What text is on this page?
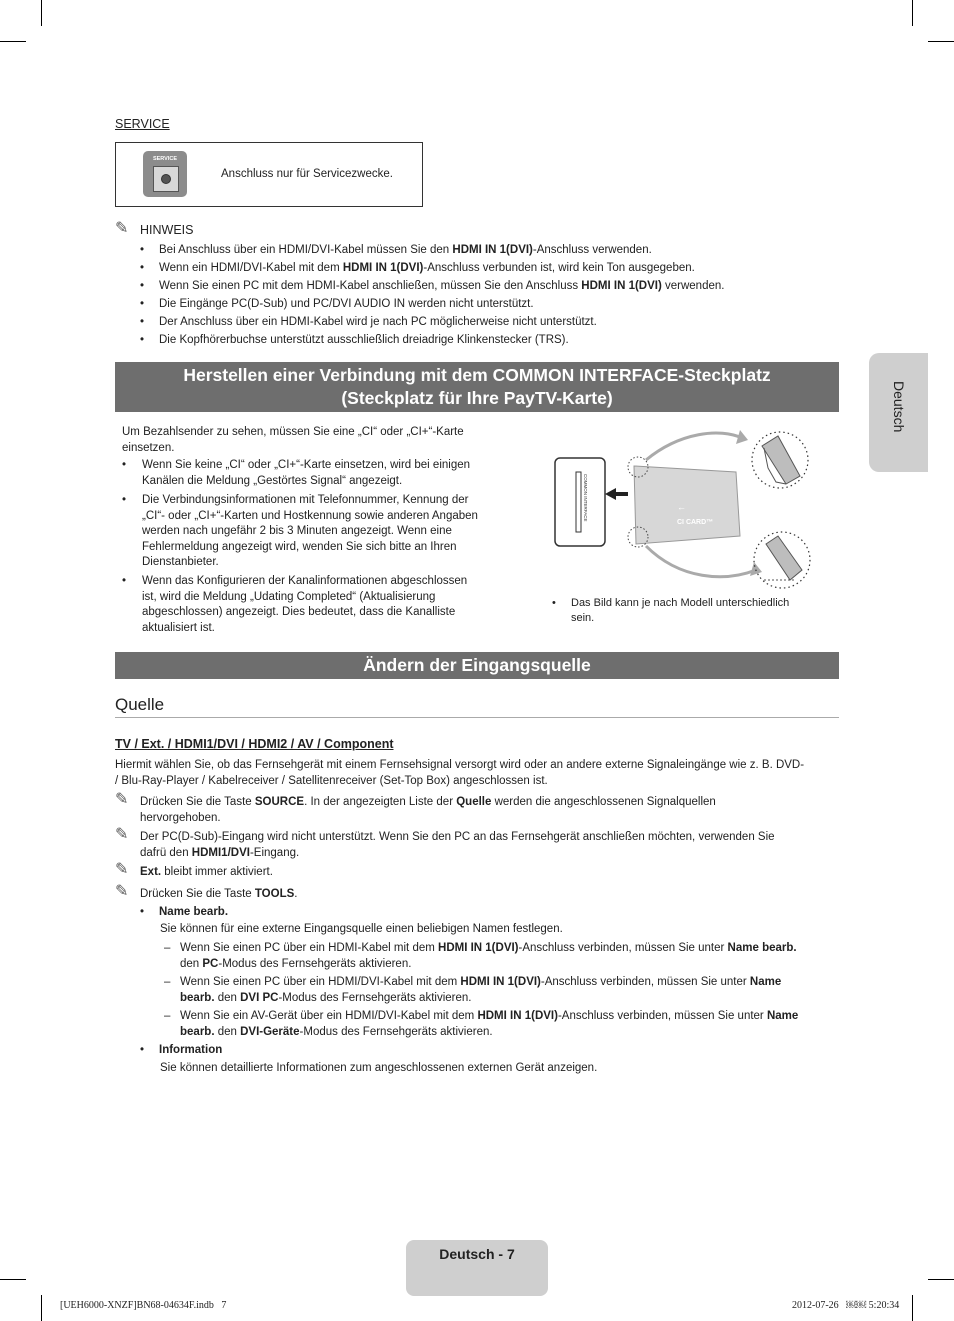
SERVICE
SERVICE
Anschluss nur für Servicezwecke.
✎ HINWEIS
• Bei Anschluss über ein HDMI/DVI-Kabel müssen Sie den HDMI IN 1(DVI)-Anschluss verwenden.
• Wenn ein HDMI/DVI-Kabel mit dem HDMI IN 1(DVI)-Anschluss verbunden ist, wird kein Ton ausgegeben.
• Wenn Sie einen PC mit dem HDMI-Kabel anschließen, müssen Sie den Anschluss HDMI IN 1(DVI) verwenden.
• Die Eingänge PC(D-Sub) und PC/DVI AUDIO IN werden nicht unterstützt.
• Der Anschluss über ein HDMI-Kabel wird je nach PC möglicherweise nicht unterstützt.
• Die Kopfhörerbuchse unterstützt ausschließlich dreiadrige Klinkenstecker (TRS).
Herstellen einer Verbindung mit dem COMMON INTERFACE-Steckplatz
(Steckplatz für Ihre PayTV-Karte)
Um Bezahlsender zu sehen, müssen Sie eine „CI“ oder „CI+“-Karte
einsetzen.
• Wenn Sie keine „CI“ oder „CI+“-Karte einsetzen, wird bei einigen
Kanälen die Meldung „Gestörtes Signal“ angezeigt.
• Die Verbindungsinformationen mit Telefonnummer, Kennung der
„CI“- oder „CI+“-Karten und Hostkennung sowie anderen Angaben
werden nach ungefähr 2 bis 3 Minuten angezeigt. Wenn eine
Fehlermeldung angezeigt wird, wenden Sie sich bitte an Ihren
Dienstanbieter.
• Wenn das Konfigurieren der Kanalinformationen abgeschlossen
ist, wird die Meldung „Udating Completed“ (Aktualisierung
abgeschlossen) angezeigt. Dies bedeutet, dass die Kanalliste
aktualisiert ist.
COMMON INTERFACE
CI CARD™
←
• Das Bild kann je nach Modell unterschiedlich
sein.
Ändern der Eingangsquelle
Quelle
TV / Ext. / HDMI1/DVI / HDMI2 / AV / Component
Hiermit wählen Sie, ob das Fernsehgerät mit einem Fernsehsignal versorgt wird oder an andere externe Signaleingänge wie z. B. DVD-
/ Blu-Ray-Player / Kabelreceiver / Satellitenreceiver (Set-Top Box) angeschlossen ist.
✎ Drücken Sie die Taste SOURCE. In der angezeigten Liste der Quelle werden die angeschlossenen Signalquellen
hervorgehoben.
✎ Der PC(D-Sub)-Eingang wird nicht unterstützt. Wenn Sie den PC an das Fernsehgerät anschließen möchten, verwenden Sie
dafrü den HDMI1/DVI-Eingang.
✎ Ext. bleibt immer aktiviert.
✎ Drücken Sie die Taste TOOLS.
• Name bearb.
Sie können für eine externe Eingangsquelle einen beliebigen Namen festlegen.
– Wenn Sie einen PC über ein HDMI-Kabel mit dem HDMI IN 1(DVI)-Anschluss verbinden, müssen Sie unter Name bearb.
den PC-Modus des Fernsehgeräts aktivieren.
– Wenn Sie einen PC über ein HDMI/DVI-Kabel mit dem HDMI IN 1(DVI)-Anschluss verbinden, müssen Sie unter Name
bearb. den DVI PC-Modus des Fernsehgeräts aktivieren.
– Wenn Sie ein AV-Gerät über ein HDMI/DVI-Kabel mit dem HDMI IN 1(DVI)-Anschluss verbinden, müssen Sie unter Name
bearb. den DVI-Geräte-Modus des Fernsehgeräts aktivieren.
• Information
Sie können detaillierte Informationen zum angeschlossenen externen Gerät anzeigen.
Deutsch
Deutsch - 7
[UEH6000-XNZF]BN68-04634F.indb   7	2012-07-26   ￼￼ 5:20:34
